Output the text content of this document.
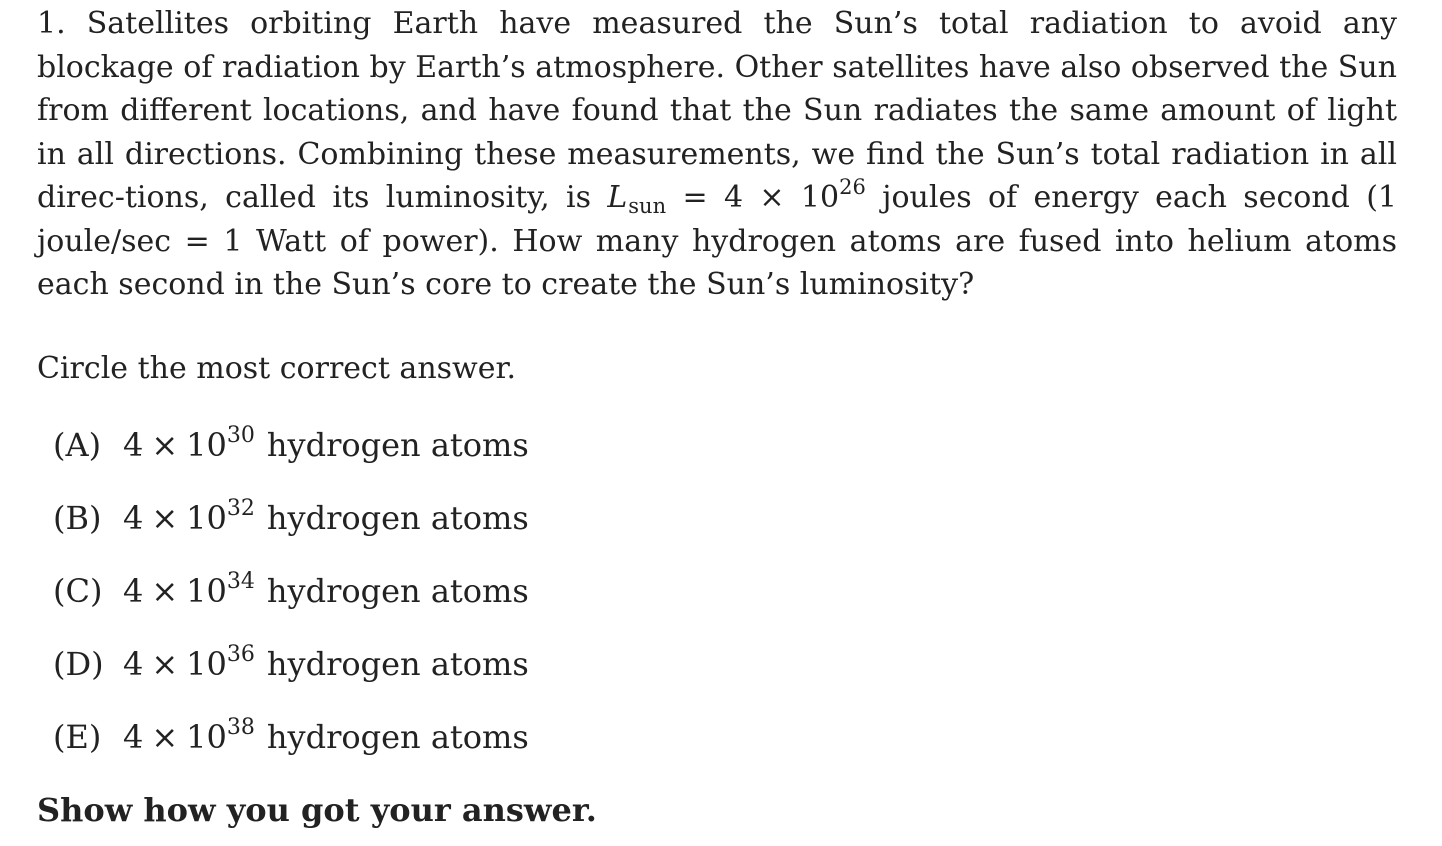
1. Satellites orbiting Earth have measured the Sun’s total radiation to avoid any blockage of radiation by Earth’s atmosphere. Other satellites have also observed the Sun from different locations, and have found that the Sun radiates the same amount of light in all directions. Combining these measurements, we find the Sun’s total radiation in all direc-tions, called its luminosity, is $L_{sun} = 4 \times 10^{26}$ joules of energy each second (1 joule/sec = 1 Watt of power). How many hydrogen atoms are fused into helium atoms each second in the Sun’s core to create the Sun’s luminosity?

Circle the most correct answer.

(A) $4 \times 10^{30}$ hydrogen atoms
(B) $4 \times 10^{32}$ hydrogen atoms
(C) $4 \times 10^{34}$ hydrogen atoms
(D) $4 \times 10^{36}$ hydrogen atoms
(E) $4 \times 10^{38}$ hydrogen atoms

Show how you got your answer.
